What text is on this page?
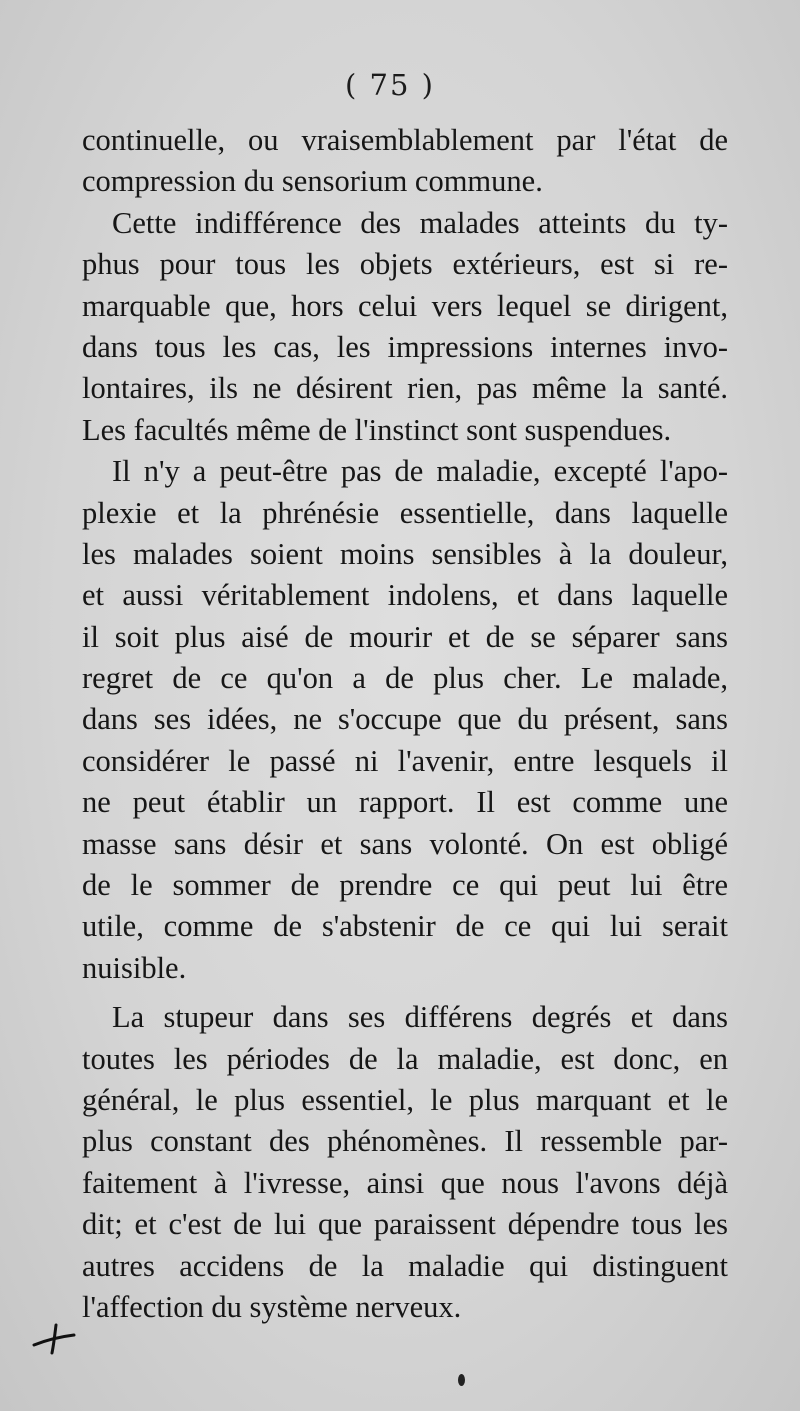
( 75 )
continuelle, ou vraisemblablement par l'état de
compression du sensorium commune.
Cette indifférence des malades atteints du ty-
phus pour tous les objets extérieurs, est si re-
marquable que, hors celui vers lequel se dirigent,
dans tous les cas, les impressions internes invo-
lontaires, ils ne désirent rien, pas même la santé.
Les facultés même de l'instinct sont suspendues.
Il n'y a peut-être pas de maladie, excepté l'apo-
plexie et la phrénésie essentielle, dans laquelle
les malades soient moins sensibles à la douleur,
et aussi véritablement indolens, et dans laquelle
il soit plus aisé de mourir et de se séparer sans
regret de ce qu'on a de plus cher. Le malade,
dans ses idées, ne s'occupe que du présent, sans
considérer le passé ni l'avenir, entre lesquels il
ne peut établir un rapport. Il est comme une
masse sans désir et sans volonté. On est obligé
de le sommer de prendre ce qui peut lui être
utile, comme de s'abstenir de ce qui lui serait
nuisible.
La stupeur dans ses différens degrés et dans
toutes les périodes de la maladie, est donc, en
général, le plus essentiel, le plus marquant et le
plus constant des phénomènes. Il ressemble par-
faitement à l'ivresse, ainsi que nous l'avons déjà
dit; et c'est de lui que paraissent dépendre tous les
autres accidens de la maladie qui distinguent
l'affection du système nerveux.
